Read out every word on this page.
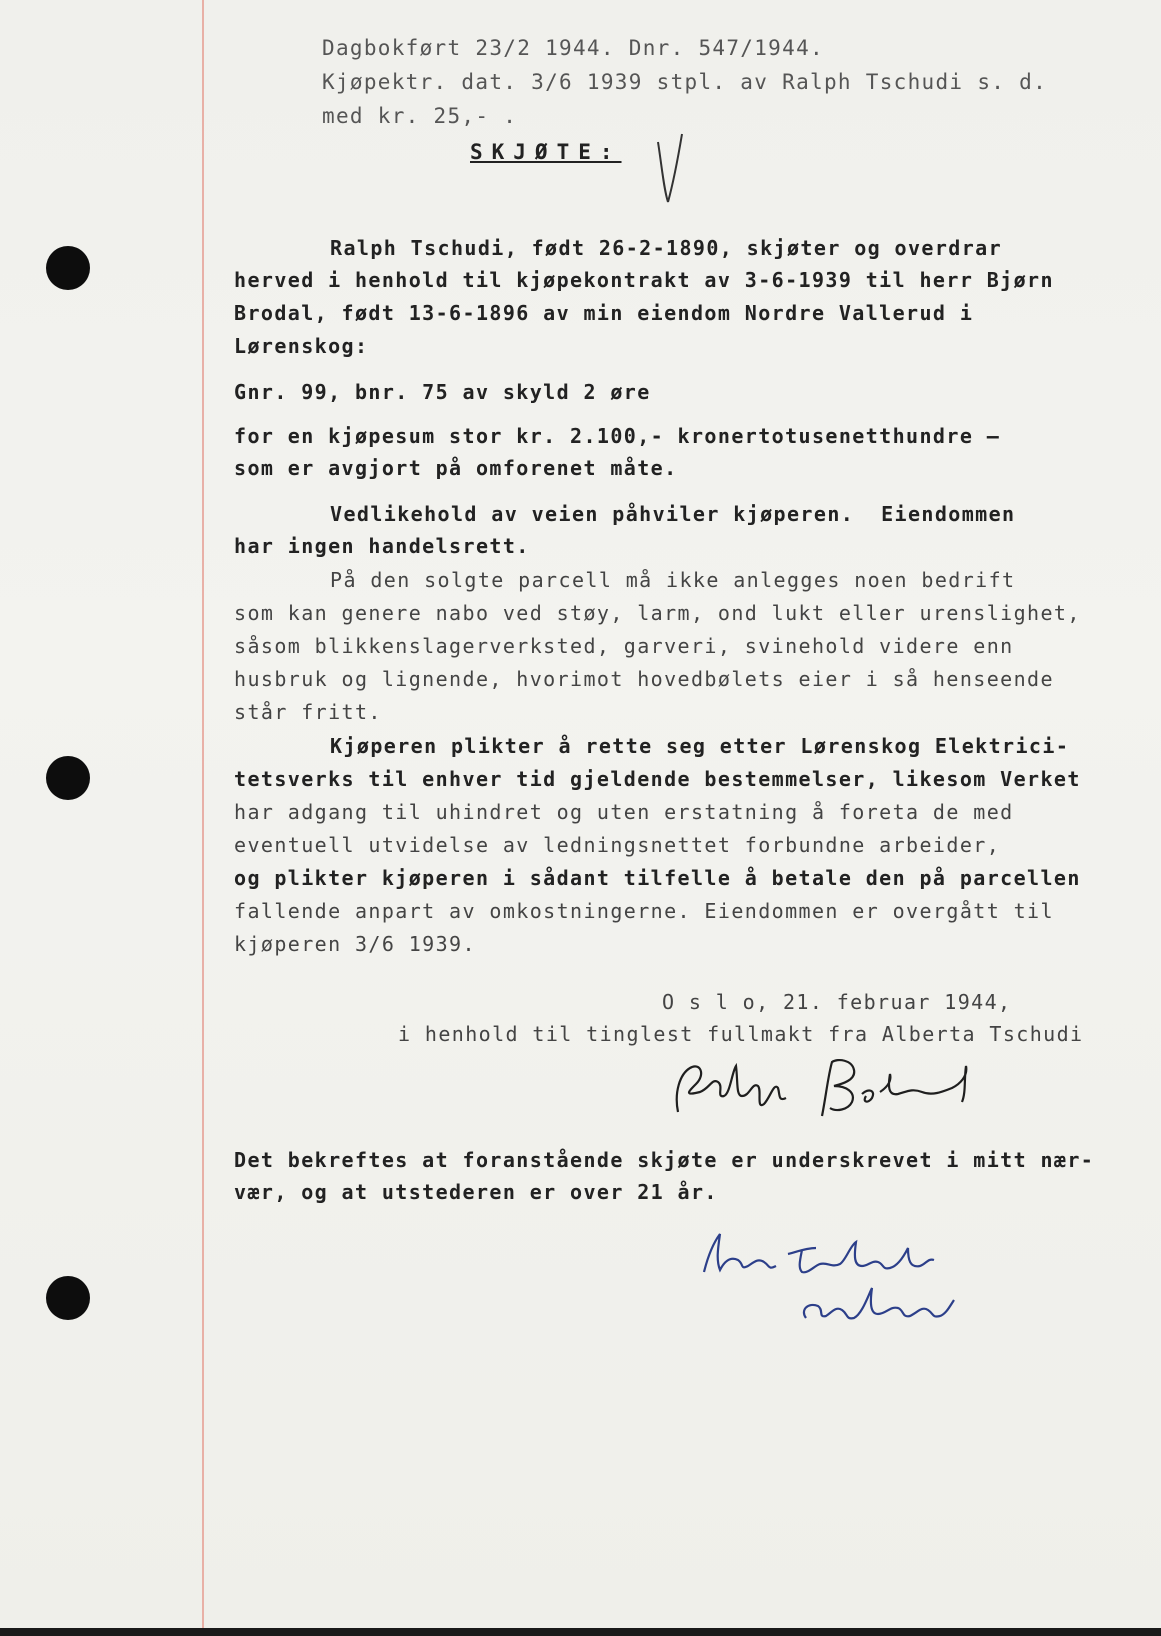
Dagbokført 23/2 1944. Dnr. 547/1944.
Kjøpektr. dat. 3/6 1939 stpl. av Ralph Tschudi s. d.
med kr. 25,- .
SKJØTE:
Ralph Tschudi, født 26-2-1890, skjøter og overdrar
herved i henhold til kjøpekontrakt av 3-6-1939 til herr Bjørn
Brodal, født 13-6-1896 av min eiendom Nordre Vallerud i
Lørenskog:
Gnr. 99, bnr. 75 av skyld 2 øre
for en kjøpesum stor kr. 2.100,- kronertotusenetthundre –
som er avgjort på omforenet måte.
Vedlikehold av veien påhviler kjøperen.  Eiendommen
har ingen handelsrett.
På den solgte parcell må ikke anlegges noen bedrift
som kan genere nabo ved støy, larm, ond lukt eller urenslighet,
såsom blikkenslagerverksted, garveri, svinehold videre enn
husbruk og lignende, hvorimot hovedbølets eier i så henseende
står fritt.
Kjøperen plikter å rette seg etter Lørenskog Elektrici-
tetsverks til enhver tid gjeldende bestemmelser, likesom Verket
har adgang til uhindret og uten erstatning å foreta de med
eventuell utvidelse av ledningsnettet forbundne arbeider,
og plikter kjøperen i sådant tilfelle å betale den på parcellen
fallende anpart av omkostningerne. Eiendommen er overgått til
kjøperen 3/6 1939.
O s l o, 21. februar 1944,
i henhold til tinglest fullmakt fra Alberta Tschudi
Det bekreftes at foranstående skjøte er underskrevet i mitt nær-
vær, og at utstederen er over 21 år.
